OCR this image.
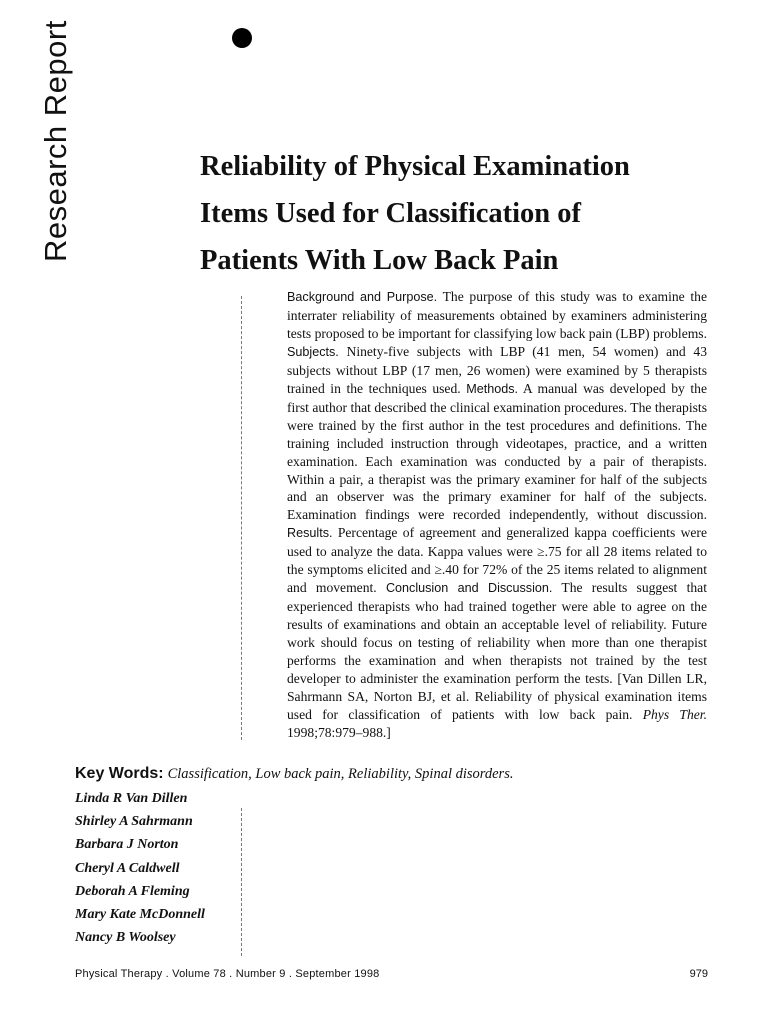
Research Report	Reliability of Physical Examination
Items Used for Classification of
Patients With Low Back Pain

Background and Purpose. The purpose of this study was to examine the interrater reliability of measurements obtained by examiners administering tests proposed to be important for classifying low back pain (LBP) problems. Subjects. Ninety-five subjects with LBP (41 men, 54 women) and 43 subjects without LBP (17 men, 26 women) were examined by 5 therapists trained in the techniques used. Methods. A manual was developed by the first author that described the clinical examination procedures. The therapists were trained by the first author in the test procedures and definitions. The training included instruction through videotapes, practice, and a written examination. Each examination was conducted by a pair of therapists. Within a pair, a therapist was the primary examiner for half of the subjects and an observer was the primary examiner for half of the subjects. Examination findings were recorded independently, without discussion. Results. Percentage of agreement and generalized kappa coefficients were used to analyze the data. Kappa values were ≥.75 for all 28 items related to the symptoms elicited and ≥.40 for 72% of the 25 items related to alignment and movement. Conclusion and Discussion. The results suggest that experienced therapists who had trained together were able to agree on the results of examinations and obtain an acceptable level of reliability. Future work should focus on testing of reliability when more than one therapist performs the examination and when therapists not trained by the test developer to administer the examination perform the tests. [Van Dillen LR, Sahrmann SA, Norton BJ, et al. Reliability of physical examination items used for classification of patients with low back pain. Phys Ther. 1998;78:979–988.]

Key Words: Classification, Low back pain, Reliability, Spinal disorders.
Linda R Van Dillen
Shirley A Sahrmann
Barbara J Norton
Cheryl A Caldwell
Deborah A Fleming
Mary Kate McDonnell
Nancy B Woolsey
Physical Therapy . Volume 78 . Number 9 . September 1998	979
